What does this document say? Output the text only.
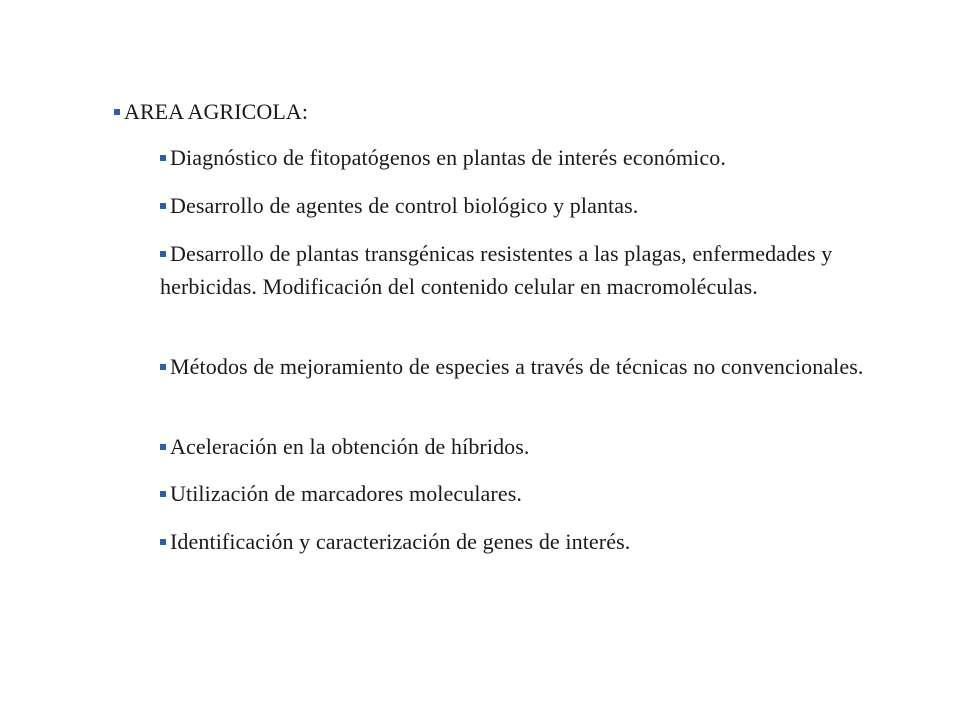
AREA AGRICOLA:
Diagnóstico de fitopatógenos en plantas de interés económico.
Desarrollo de agentes de control biológico y plantas.
Desarrollo de plantas transgénicas resistentes a las plagas, enfermedades y herbicidas. Modificación del contenido celular en macromoléculas.
Métodos de mejoramiento de especies a través de técnicas no convencionales.
Aceleración en la obtención de híbridos.
Utilización de marcadores moleculares.
Identificación y caracterización de genes de interés.
